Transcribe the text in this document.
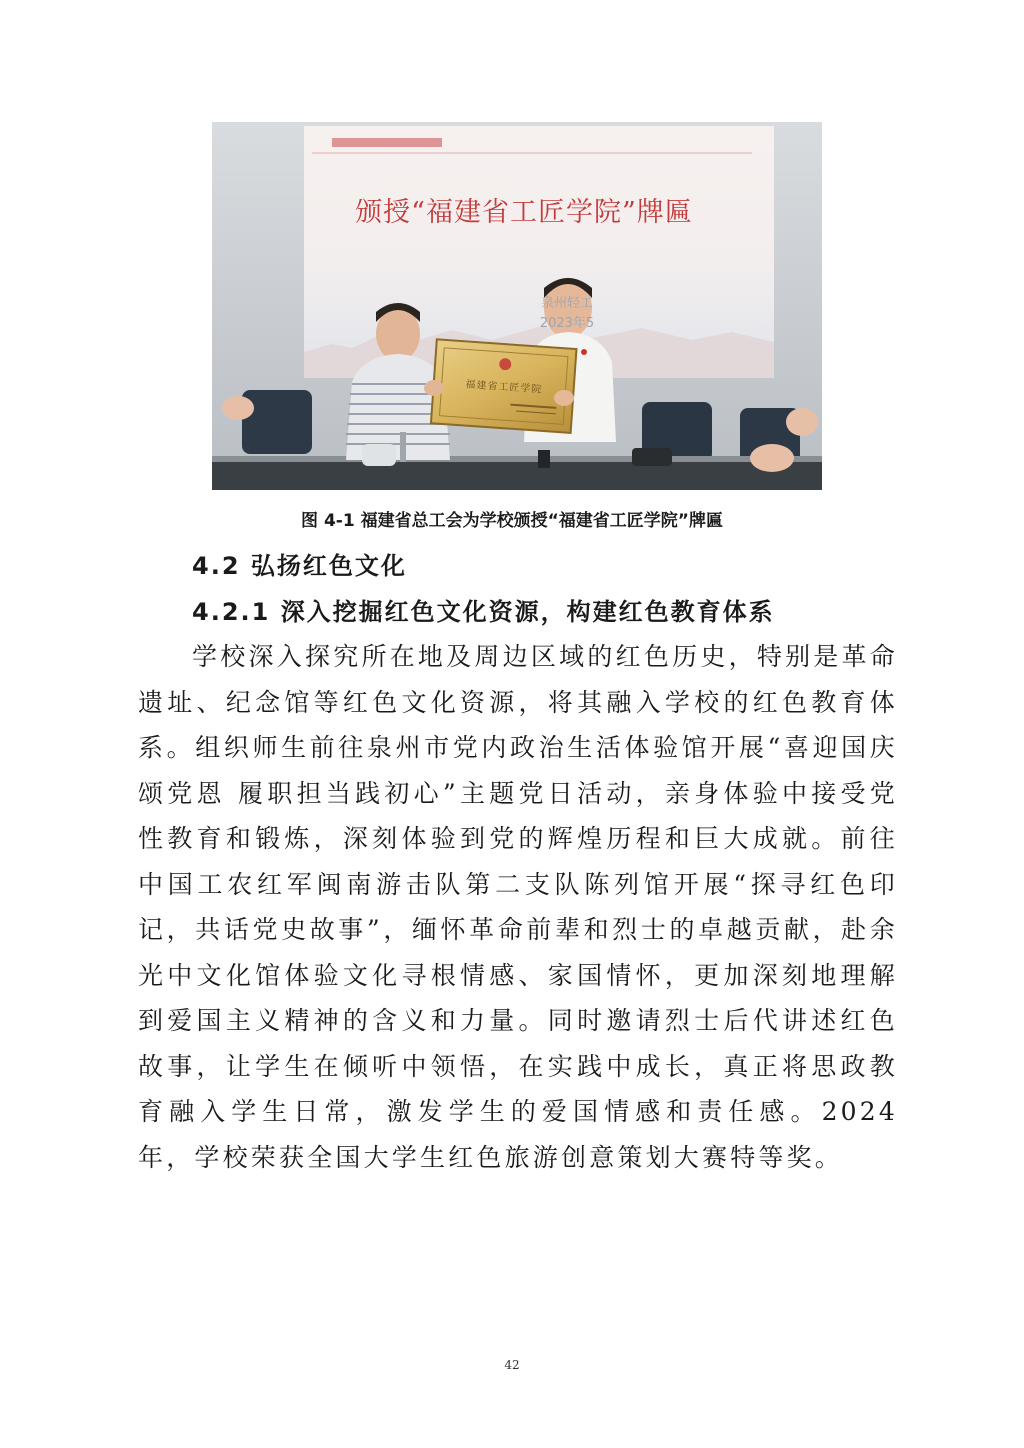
颁授“福建省工匠学院”牌匾
泉州轻工
2023年5
福建省工匠学院
图 4-1 福建省总工会为学校颁授“福建省工匠学院”牌匾
4.2 弘扬红色文化
4.2.1 深入挖掘红色文化资源，构建红色教育体系

学校深入探究所在地及周边区域的红色历史，特别是革命遗址、纪念馆等红色文化资源，将其融入学校的红色教育体系。组织师生前往泉州市党内政治生活体验馆开展“喜迎国庆颂党恩 履职担当践初心”主题党日活动，亲身体验中接受党性教育和锻炼，深刻体验到党的辉煌历程和巨大成就。前往中国工农红军闽南游击队第二支队陈列馆开展“探寻红色印记，共话党史故事”，缅怀革命前辈和烈士的卓越贡献，赴余光中文化馆体验文化寻根情感、家国情怀，更加深刻地理解到爱国主义精神的含义和力量。同时邀请烈士后代讲述红色故事，让学生在倾听中领悟，在实践中成长，真正将思政教育融入学生日常，激发学生的爱国情感和责任感。2024 年，学校荣获全国大学生红色旅游创意策划大赛特等奖。

42
